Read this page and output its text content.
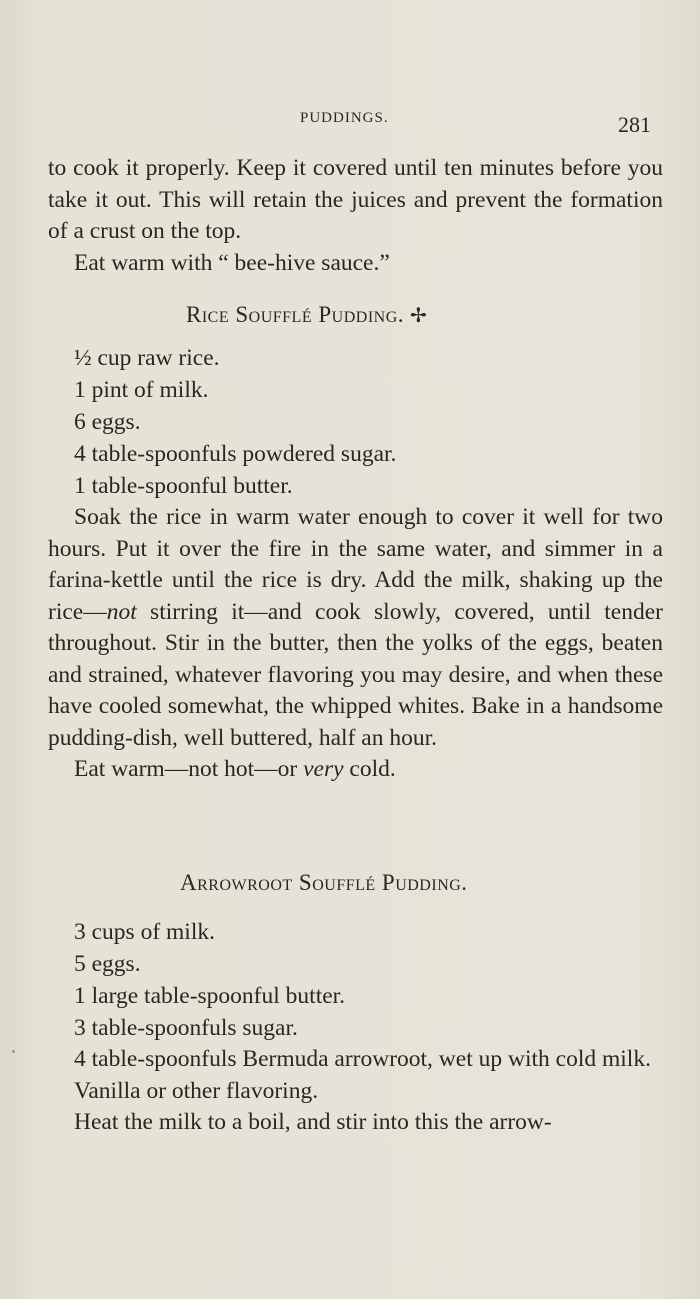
PUDDINGS.	281

to cook it properly. Keep it covered until ten minutes before you take it out. This will retain the juices and prevent the formation of a crust on the top.

Eat warm with “ bee-hive sauce.”

Rice Soufflé Pudding. ✢
½ cup raw rice.
1 pint of milk.
6 eggs.
4 table-spoonfuls powdered sugar.
1 table-spoonful butter.

Soak the rice in warm water enough to cover it well for two hours. Put it over the fire in the same water, and simmer in a farina-kettle until the rice is dry. Add the milk, shaking up the rice—not stirring it—and cook slowly, covered, until tender throughout. Stir in the butter, then the yolks of the eggs, beaten and strained, whatever flavoring you may desire, and when these have cooled somewhat, the whipped whites. Bake in a handsome pudding-dish, well buttered, half an hour.

Eat warm—not hot—or very cold.

Arrowroot Soufflé Pudding.
3 cups of milk.
5 eggs.
1 large table-spoonful butter.
3 table-spoonfuls sugar.

4 table-spoonfuls Bermuda arrowroot, wet up with cold milk.

Vanilla or other flavoring.

Heat the milk to a boil, and stir into this the arrow-
